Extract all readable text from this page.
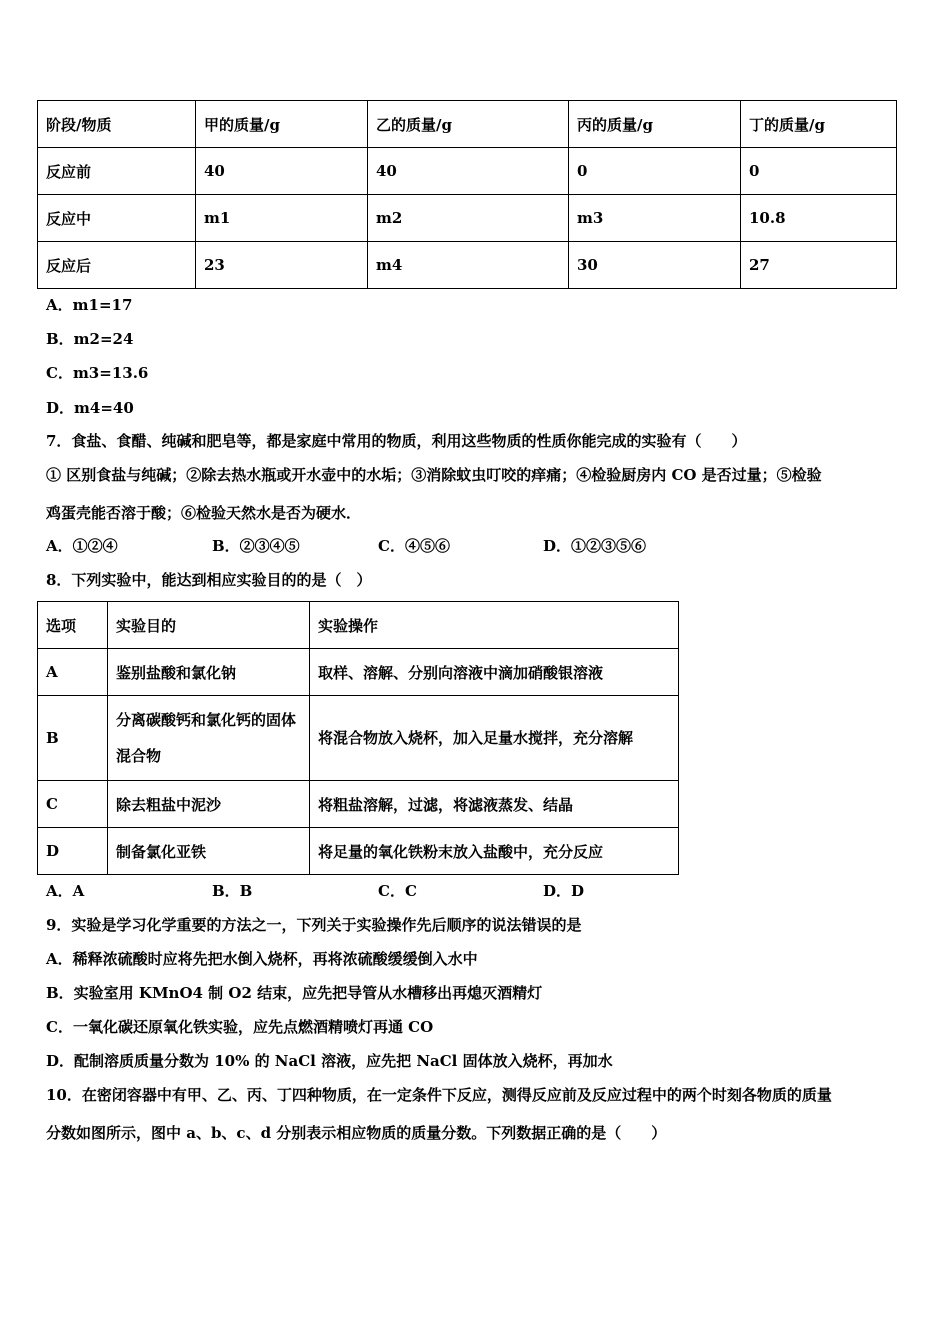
阶段/物质	甲的质量/g	乙的质量/g	丙的质量/g	丁的质量/g
反应前	40	40	0	0
反应中	m1	m2	m3	10.8
反应后	23	m4	30	27
A．m1=17
B．m2=24
C．m3=13.6
D．m4=40
7．食盐、食醋、纯碱和肥皂等，都是家庭中常用的物质，利用这些物质的性质你能完成的实验有（　　）
① 区别食盐与纯碱；②除去热水瓶或开水壶中的水垢；③消除蚊虫叮咬的痒痛；④检验厨房内 CO 是否过量；⑤检验
鸡蛋壳能否溶于酸；⑥检验天然水是否为硬水．
A．①②④	B．②③④⑤	C．④⑤⑥	D．①②③⑤⑥
8．下列实验中，能达到相应实验目的的是（　）
选项	实验目的	实验操作
A	鉴别盐酸和氯化钠	取样、溶解、分别向溶液中滴加硝酸银溶液
B	分离碳酸钙和氯化钙的固体混合物	将混合物放入烧杯，加入足量水搅拌，充分溶解
C	除去粗盐中泥沙	将粗盐溶解，过滤，将滤液蒸发、结晶
D	制备氯化亚铁	将足量的氧化铁粉末放入盐酸中，充分反应
A．A	B．B	C．C	D．D
9．实验是学习化学重要的方法之一，下列关于实验操作先后顺序的说法错误的是
A．稀释浓硫酸时应将先把水倒入烧杯，再将浓硫酸缓缓倒入水中
B．实验室用 KMnO4 制 O2 结束，应先把导管从水槽移出再熄灭酒精灯
C．一氧化碳还原氧化铁实验，应先点燃酒精喷灯再通 CO
D．配制溶质质量分数为 10% 的 NaCl 溶液，应先把 NaCl 固体放入烧杯，再加水
10．在密闭容器中有甲、乙、丙、丁四种物质，在一定条件下反应，测得反应前及反应过程中的两个时刻各物质的质量
分数如图所示，图中 a、b、c、d 分别表示相应物质的质量分数。下列数据正确的是（　　）
